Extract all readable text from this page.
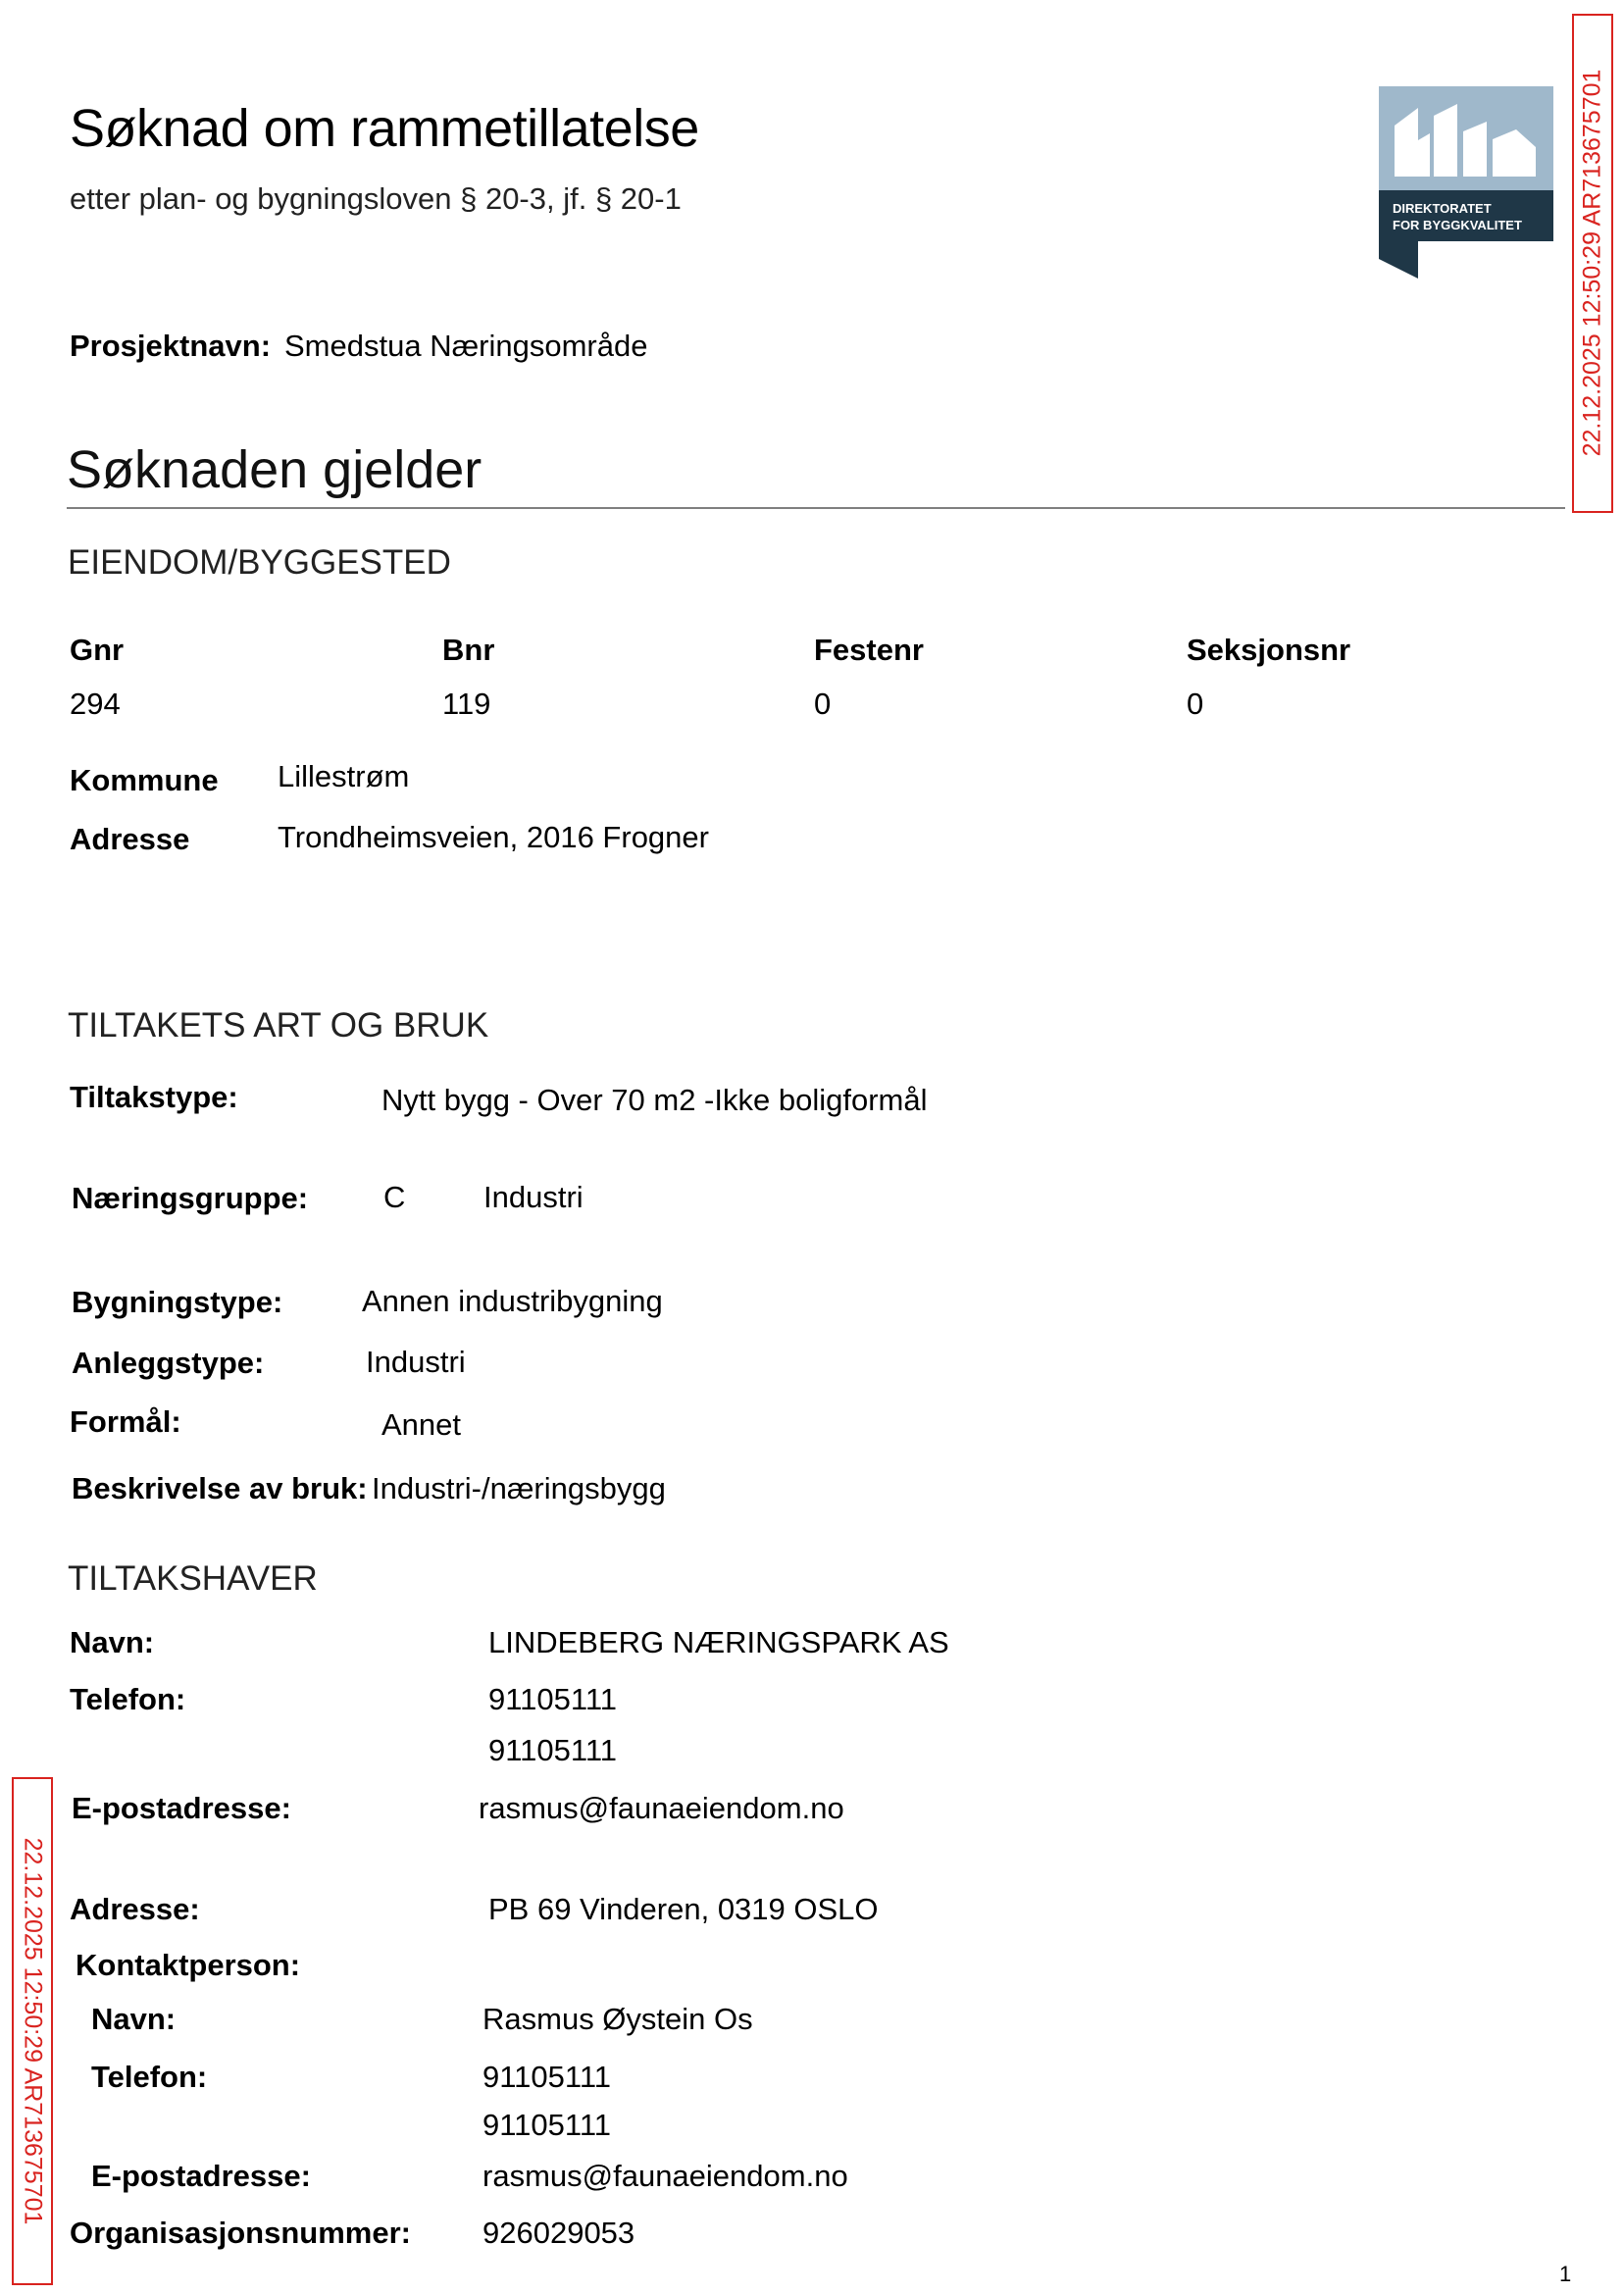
Søknad om rammetillatelse
etter plan- og bygningsloven § 20-3, jf. § 20-1	DIREKTORATET
FOR BYGGKVALITET 22.12.2025 12:50:29 AR713675701
22.12.2025 12:50:29 AR713675701
Prosjektnavn: Smedstua Næringsområde
Søknaden gjelder
EIENDOM/BYGGESTED
Gnr	Bnr	Festenr	Seksjonsnr
294	119	0	0
Kommune Lillestrøm
Adresse	Trondheimsveien, 2016 Frogner
TILTAKETS ART OG BRUK
Tiltakstype:	Nytt bygg - Over 70 m2 -Ikke boligformål
Næringsgruppe: C	Industri
Bygningstype:	Annen industribygning
Anleggstype:	Industri
Formål:	Annet
Beskrivelse av bruk: Industri-/næringsbygg
TILTAKSHAVER
Navn:	LINDEBERG NÆRINGSPARK AS
Telefon:	91105111
91105111
E-postadresse:	rasmus@faunaeiendom.no
Adresse:	PB 69 Vinderen, 0319 OSLO
Kontaktperson:
Navn:	Rasmus Øystein Os
Telefon:	91105111
91105111
E-postadresse:	rasmus@faunaeiendom.no
Organisasjonsnummer: 926029053
1
